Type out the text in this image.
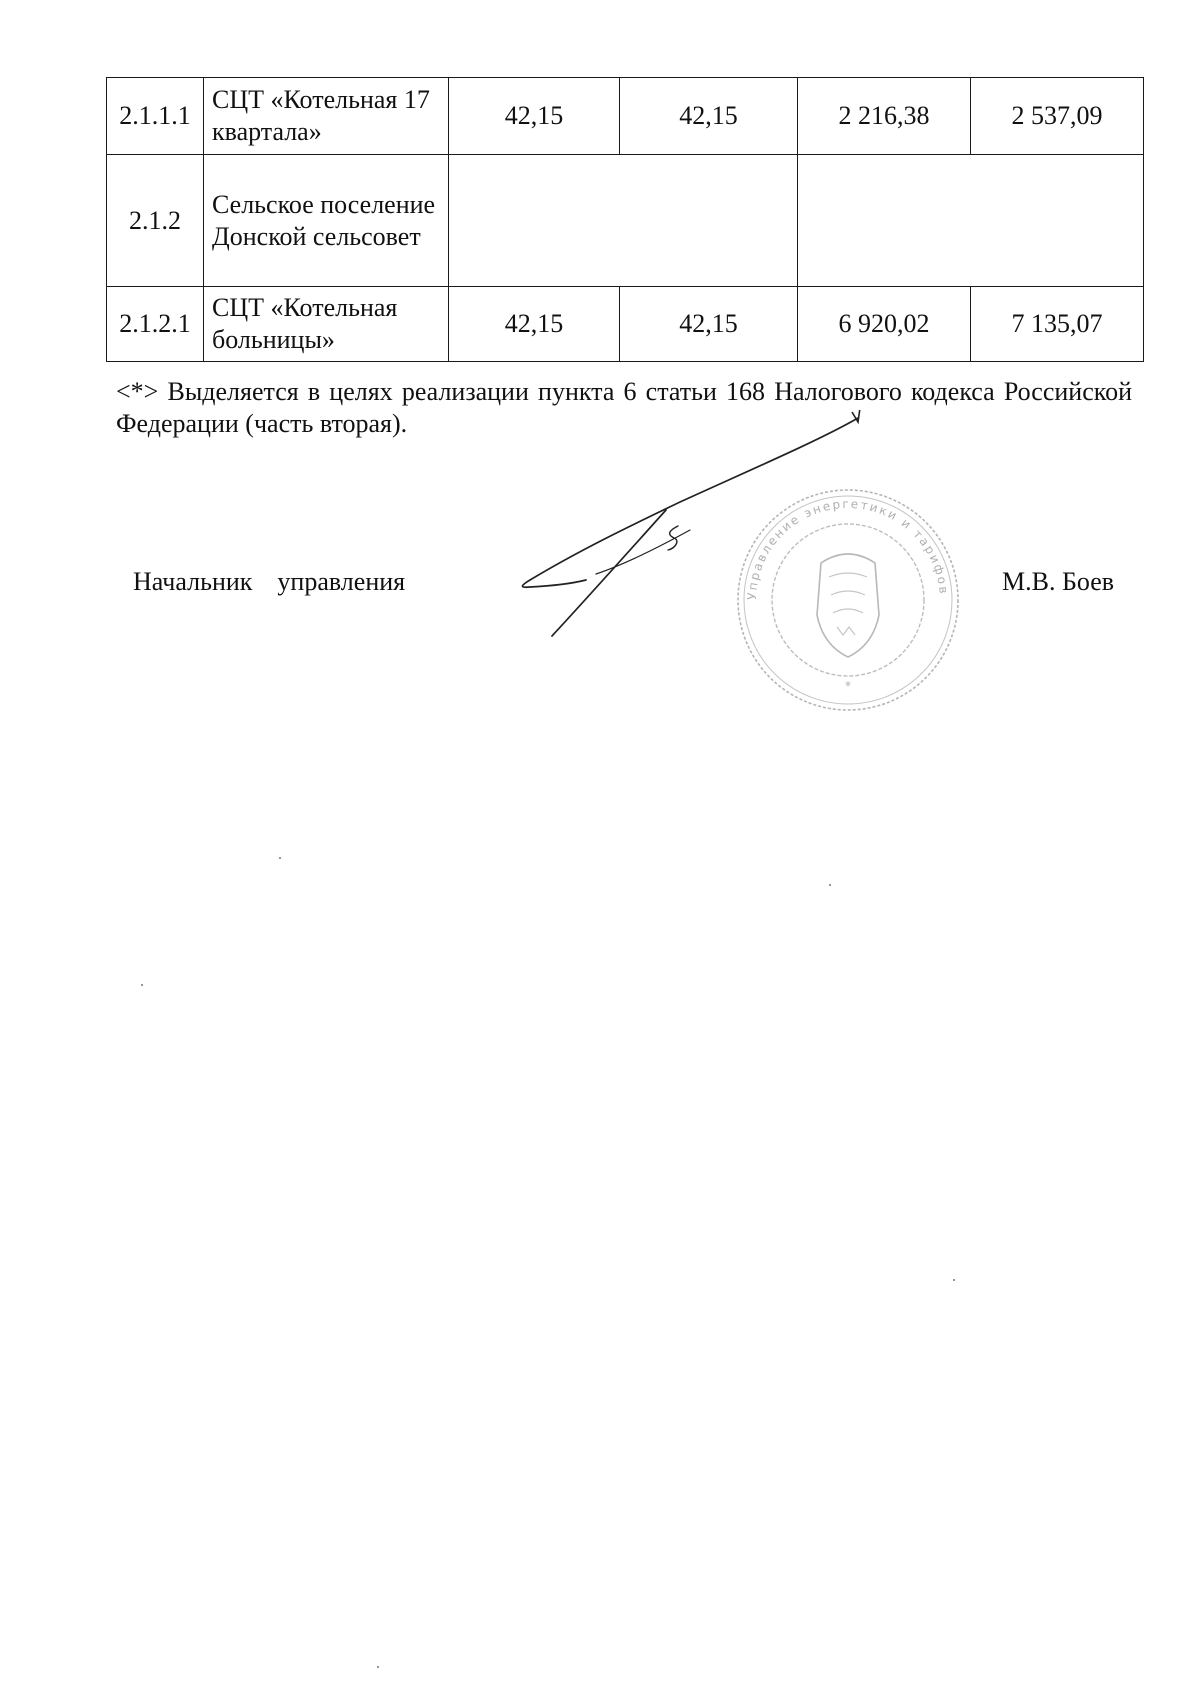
2.1.1.1	СЦТ «Котельная 17 квартала»	42,15	42,15	2 216,38	2 537,09
2.1.2	Сельское поселение Донской сельсовет				
2.1.2.1	СЦТ «Котельная больницы»	42,15	42,15	6 920,02	7 135,07
<*> Выделяется в целях реализации пункта 6 статьи 168 Налогового кодекса Российской Федерации (часть вторая).
Начальник  управления	М.В. Боев
Управление энергетики и тарифов
*
